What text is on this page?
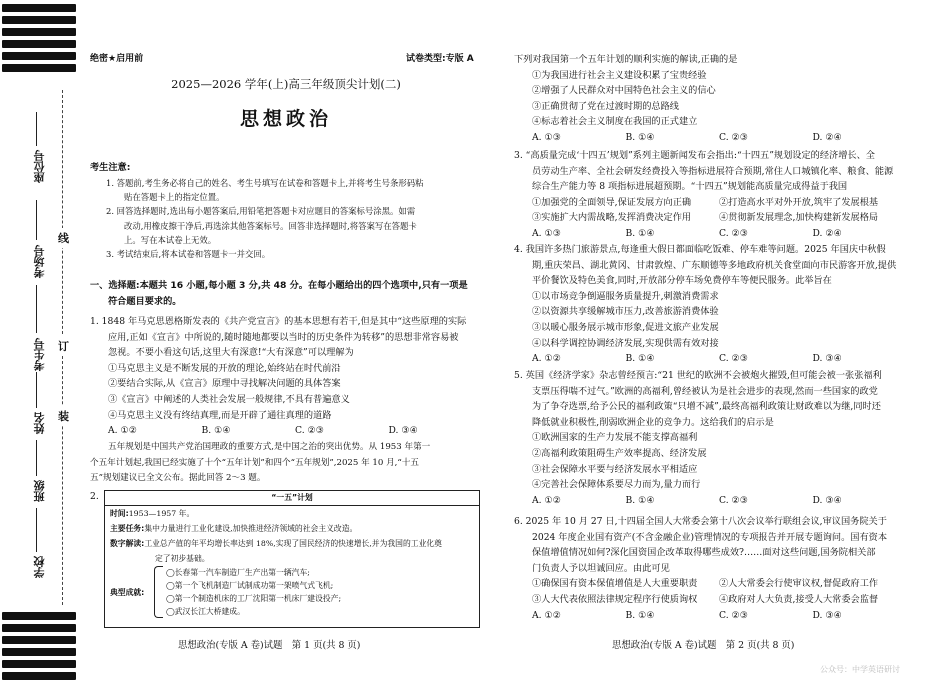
座位号
考场号
考生号
姓名
班级
学校
线
订
装
绝密★启用前	试卷类型:专版 A
2025—2026 学年(上)高三年级顶尖计划(二)
思想政治
考生注意:
1. 答题前,考生务必将自己的姓名、考生号填写在试卷和答题卡上,并将考生号条形码粘
贴在答题卡上的指定位置。
2. 回答选择题时,选出每小题答案后,用铅笔把答题卡对应题目的答案标号涂黑。如需
改动,用橡皮擦干净后,再选涂其他答案标号。回答非选择题时,将答案写在答题卡
上。写在本试卷上无效。
3. 考试结束后,将本试卷和答题卡一并交回。
一、选择题:本题共 16 小题,每小题 3 分,共 48 分。在每小题给出的四个选项中,只有一项是
符合题目要求的。
1. 1848 年马克思恩格斯发表的《共产党宣言》的基本思想有若干,但是其中“这些原理的实际
应用,正如《宣言》中所说的,随时随地都要以当时的历史条件为转移”的思想非常容易被
忽视。不要小看这句话,这里大有深意!“大有深意”可以理解为
①马克思主义是不断发展的开放的理论,始终站在时代前沿
②要结合实际,从《宣言》原理中寻找解决问题的具体答案
③《宣言》中阐述的人类社会发展一般规律,不具有普遍意义
④马克思主义没有终结真理,而是开辟了通往真理的道路
A. ①②	B. ①④	C. ②③	D. ③④
五年规划是中国共产党治国理政的重要方式,是中国之治的突出优势。从 1953 年第一
个五年计划起,我国已经实施了十个“五年计划”和四个“五年规划”,2025 年 10 月,“十五
五”规划建议已全文公布。据此回答 2～3 题。
2.	“一五”计划
时间:1953—1957 年。
主要任务:集中力量进行工业化建设,加快推进经济领域的社会主义改造。
数字解读:工业总产值的年平均增长率达到 18%,实现了国民经济的快速增长,并为我国的工业化奠
定了初步基础。
典型成就:
◯长春第一汽车制造厂生产出第一辆汽车;
◯第一个飞机制造厂试制成功第一架喷气式飞机;
◯第一个制造机床的工厂沈阳第一机床厂建设投产;
◯武汉长江大桥建成。
思想政治(专版 A 卷)试题　第 1 页(共 8 页)
下列对我国第一个五年计划的顺利实施的解读,正确的是
①为我国进行社会主义建设积累了宝贵经验
②增强了人民群众对中国特色社会主义的信心
③正确贯彻了党在过渡时期的总路线
④标志着社会主义制度在我国的正式建立
A. ①③	B. ①④	C. ②③	D. ②④
3. “高质量完成‘十四五’规划”系列主题新闻发布会指出:“十四五”规划设定的经济增长、全
员劳动生产率、全社会研发经费投入等指标进展符合预期,常住人口城镇化率、粮食、能源
综合生产能力等 8 项指标进展超预期。“十四五”规划能高质量完成得益于我国
①加强党的全面领导,保证发展方向正确	②打造高水平对外开放,筑牢了发展根基
③实施扩大内需战略,发挥消费决定作用	④贯彻新发展理念,加快构建新发展格局
A. ①③	B. ①④	C. ②③	D. ②④
4. 我国许多热门旅游景点,每逢重大假日都面临吃饭难、停车难等问题。2025 年国庆中秋假
期,重庆荣昌、湖北黄冈、甘肃敦煌、广东顺德等多地政府机关食堂面向市民游客开放,提供
平价餐饮及特色美食,同时,开放部分停车场免费停车等便民服务。此举旨在
①以市场竞争倒逼服务质量提升,刺激消费需求
②以资源共享缓解城市压力,改善旅游消费体验
③以暖心服务展示城市形象,促进文旅产业发展
④以科学调控协调经济发展,实现供需有效对接
A. ①②	B. ①④	C. ②③	D. ③④
5. 英国《经济学家》杂志曾经预言:“21 世纪的欧洲不会被炮火摧毁,但可能会被一张张福利
支票压得喘不过气。”欧洲的高福利,曾经被认为是社会进步的表现,然而一些国家的政党
为了争夺选票,给予公民的福利政策“只增不减”,最终高福利政策让财政难以为继,同时还
降低就业积极性,削弱欧洲企业的竞争力。这给我们的启示是
①欧洲国家的生产力发展不能支撑高福利
②高福利政策阻碍生产效率提高、经济发展
③社会保障水平要与经济发展水平相适应
④完善社会保障体系要尽力而为,量力而行
A. ①②	B. ①④	C. ②③	D. ③④
6. 2025 年 10 月 27 日,十四届全国人大常委会第十八次会议举行联组会议,审议国务院关于
2024 年度企业国有资产(不含金融企业)管理情况的专项报告并开展专题询问。国有资本
保值增值情况如何?深化国资国企改革取得哪些成效?……面对这些问题,国务院相关部
门负责人予以坦诚回应。由此可见
①确保国有资本保值增值是人大重要职责	②人大常委会行使审议权,督促政府工作
③人大代表依照法律规定程序行使质询权	④政府对人大负责,接受人大常委会监督
A. ①②	B. ①④	C. ②③	D. ③④
思想政治(专版 A 卷)试题　第 2 页(共 8 页)
公众号：中学英语研讨
